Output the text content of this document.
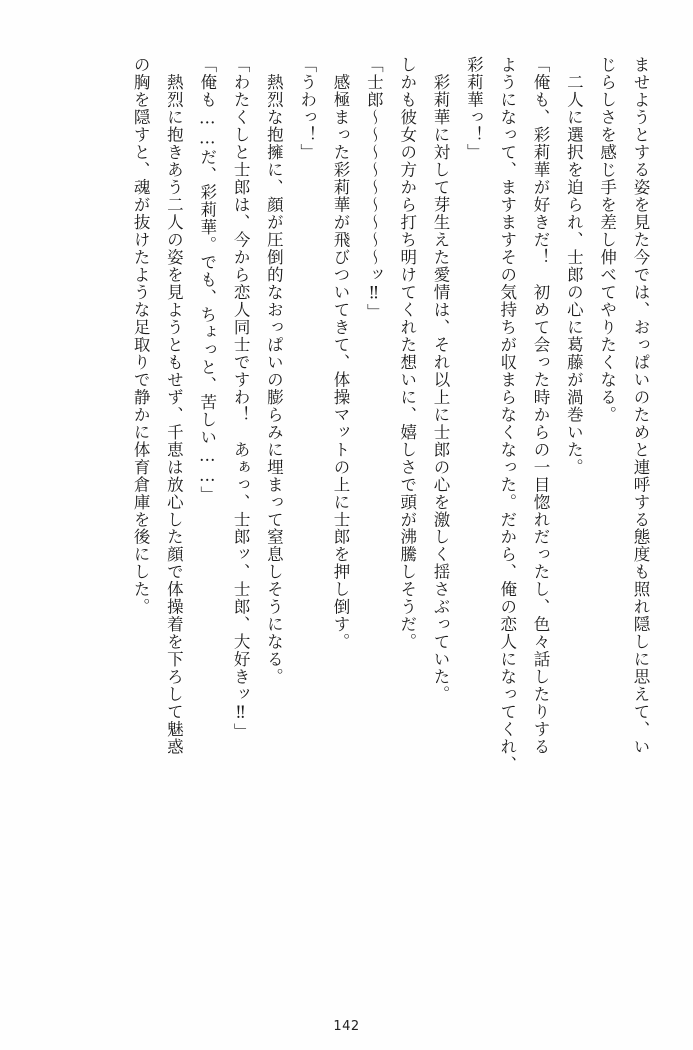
ませようとする姿を見た今では、おっぱいのためと連呼する態度も照れ隠しに思えて、い

じらしさを感じ手を差し伸べてやりたくなる。

　二人に選択を迫られ、士郎の心に葛藤が渦巻いた。

「俺も、彩莉華が好きだ！　初めて会った時からの一目惚れだったし、色々話したりする

ようになって、ますますその気持ちが収まらなくなった。だから、俺の恋人になってくれ、

彩莉華っ！」

　彩莉華に対して芽生えた愛情は、それ以上に士郎の心を激しく揺さぶっていた。

しかも彼女の方から打ち明けてくれた想いに、嬉しさで頭が沸騰しそうだ。

「士郎～～～～～～～～～ッ‼」

　感極まった彩莉華が飛びついてきて、体操マットの上に士郎を押し倒す。

「うわっ！」

　熱烈な抱擁に、顔が圧倒的なおっぱいの膨らみに埋まって窒息しそうになる。

「わたくしと士郎は、今から恋人同士ですわ！　あぁっ、士郎ッ、士郎、大好きッ‼」

「俺も……だ、彩莉華。でも、ちょっと、苦しい……」

　熱烈に抱きあう二人の姿を見ようともせず、千恵は放心した顔で体操着を下ろして魅惑

の胸を隠すと、魂が抜けたような足取りで静かに体育倉庫を後にした。

142
